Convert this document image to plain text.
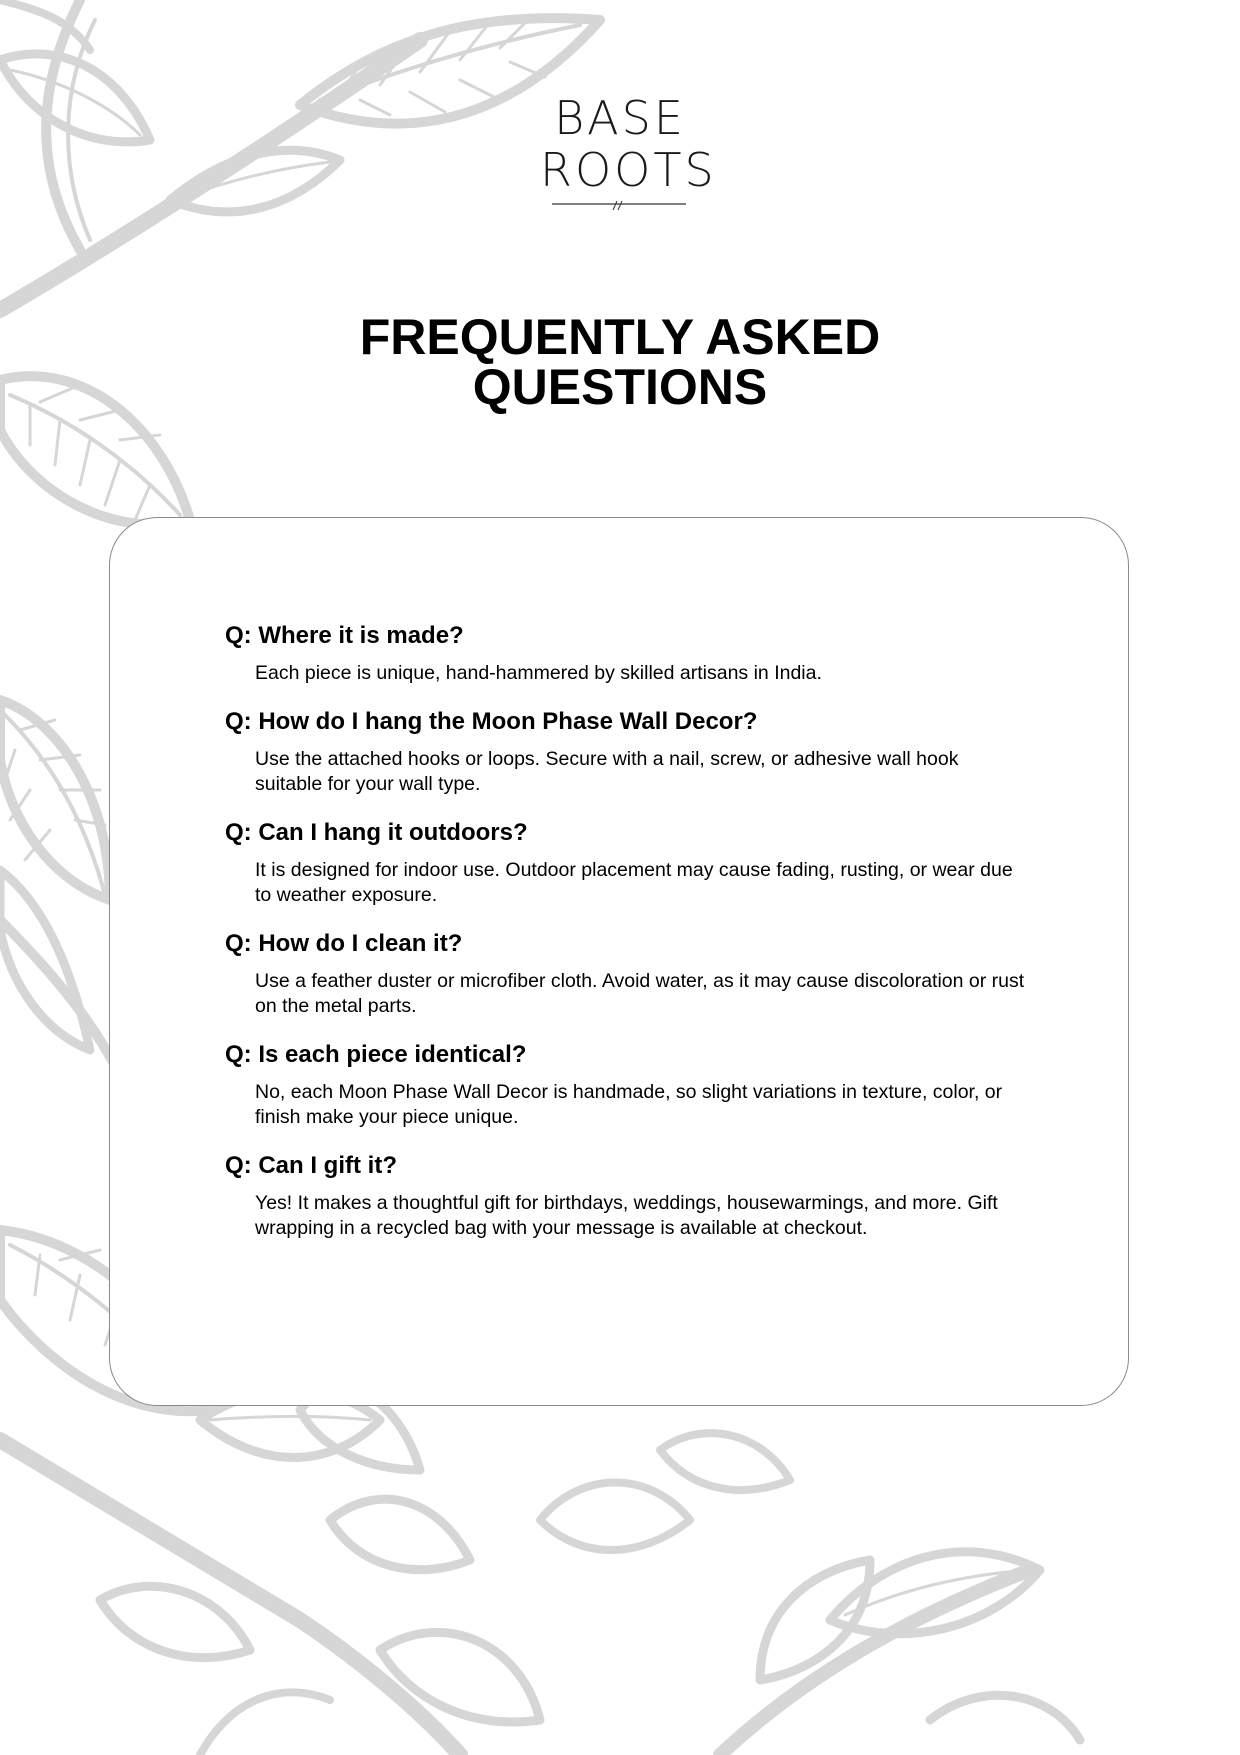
BASE
ROOTS
FREQUENTLY ASKED
QUESTIONS

Q: Where it is made?

Each piece is unique, hand-hammered by skilled artisans in India.

Q: How do I hang the Moon Phase Wall Decor?

Use the attached hooks or loops. Secure with a nail, screw, or adhesive wall hook suitable for your wall type.

Q: Can I hang it outdoors?

It is designed for indoor use. Outdoor placement may cause fading, rusting, or wear due to weather exposure.

Q: How do I clean it?

Use a feather duster or microfiber cloth. Avoid water, as it may cause discoloration or rust on the metal parts.

Q: Is each piece identical?

No, each Moon Phase Wall Decor is handmade, so slight variations in texture, color, or finish make your piece unique.

Q: Can I gift it?

Yes! It makes a thoughtful gift for birthdays, weddings, housewarmings, and more. Gift wrapping in a recycled bag with your message is available at checkout.
